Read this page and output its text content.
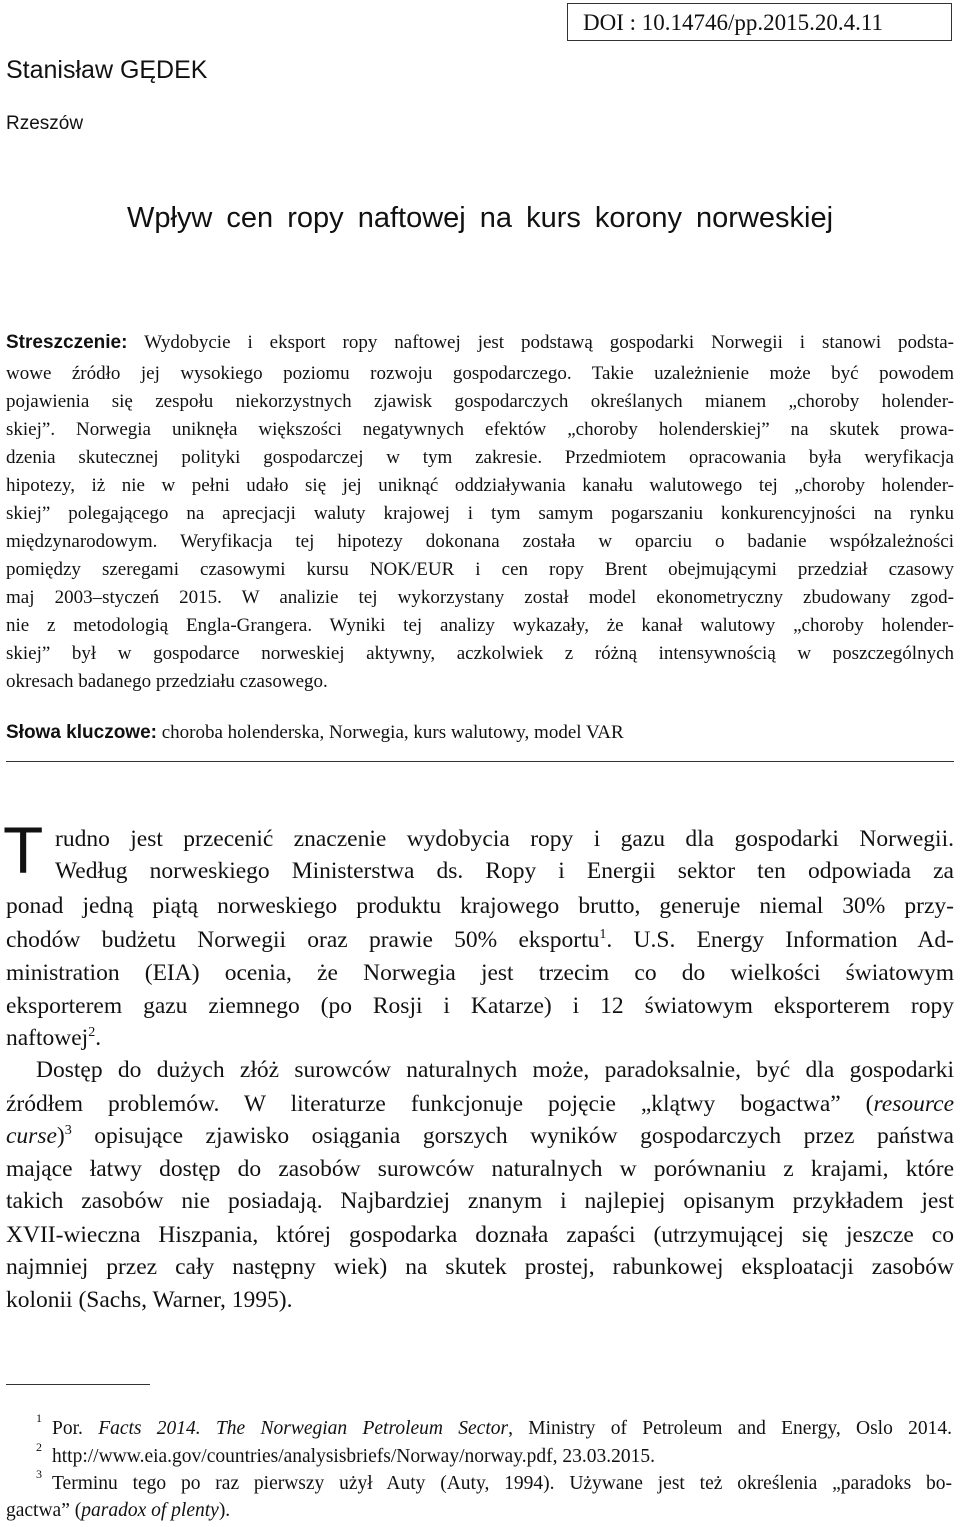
DOI : 10.14746/pp.2015.20.4.11
Stanisław GĘDEK
Rzeszów
Wpływ cen ropy naftowej na kurs korony norweskiej
Streszczenie: Wydobycie i eksport ropy naftowej jest podstawą gospodarki Norwegii i stanowi podsta-
wowe źródło jej wysokiego poziomu rozwoju gospodarczego. Takie uzależnienie może być powodem
pojawienia się zespołu niekorzystnych zjawisk gospodarczych określanych mianem „choroby holender-
skiej”. Norwegia uniknęła większości negatywnych efektów „choroby holenderskiej” na skutek prowa-
dzenia skutecznej polityki gospodarczej w tym zakresie. Przedmiotem opracowania była weryfikacja
hipotezy, iż nie w pełni udało się jej uniknąć oddziaływania kanału walutowego tej „choroby holender-
skiej” polegającego na aprecjacji waluty krajowej i tym samym pogarszaniu konkurencyjności na rynku
międzynarodowym. Weryfikacja tej hipotezy dokonana została w oparciu o badanie współzależności
pomiędzy szeregami czasowymi kursu NOK/EUR i cen ropy Brent obejmującymi przedział czasowy
maj 2003–styczeń 2015. W analizie tej wykorzystany został model ekonometryczny zbudowany zgod-
nie z metodologią Engla-Grangera. Wyniki tej analizy wykazały, że kanał walutowy „choroby holender-
skiej” był w gospodarce norweskiej aktywny, aczkolwiek z różną intensywnością w poszczególnych
okresach badanego przedziału czasowego.
Słowa kluczowe: choroba holenderska, Norwegia, kurs walutowy, model VAR
T rudno jest przecenić znaczenie wydobycia ropy i gazu dla gospodarki Norwegii.
Według norweskiego Ministerstwa ds. Ropy i Energii sektor ten odpowiada za
ponad jedną piątą norweskiego produktu krajowego brutto, generuje niemal 30% przy-
chodów budżetu Norwegii oraz prawie 50% eksportu$^1$. U.S. Energy Information Ad-
ministration (EIA) ocenia, że Norwegia jest trzecim co do wielkości światowym
eksporterem gazu ziemnego (po Rosji i Katarze) i 12 światowym eksporterem ropy
naftowej$^2$.
Dostęp do dużych złóż surowców naturalnych może, paradoksalnie, być dla gospodarki
źródłem problemów. W literaturze funkcjonuje pojęcie „klątwy bogactwa” (resource
curse)$^3$ opisujące zjawisko osiągania gorszych wyników gospodarczych przez państwa
mające łatwy dostęp do zasobów surowców naturalnych w porównaniu z krajami, które
takich zasobów nie posiadają. Najbardziej znanym i najlepiej opisanym przykładem jest
XVII-wieczna Hiszpania, której gospodarka doznała zapaści (utrzymującej się jeszcze co
najmniej przez cały następny wiek) na skutek prostej, rabunkowej eksploatacji zasobów
kolonii (Sachs, Warner, 1995).
1 Por. Facts 2014. The Norwegian Petroleum Sector, Ministry of Petroleum and Energy, Oslo 2014.
2 http://www.eia.gov/countries/analysisbriefs/Norway/norway.pdf, 23.03.2015.
3 Terminu tego po raz pierwszy użył Auty (Auty, 1994). Używane jest też określenia „paradoks bo-
gactwa” (paradox of plenty).
